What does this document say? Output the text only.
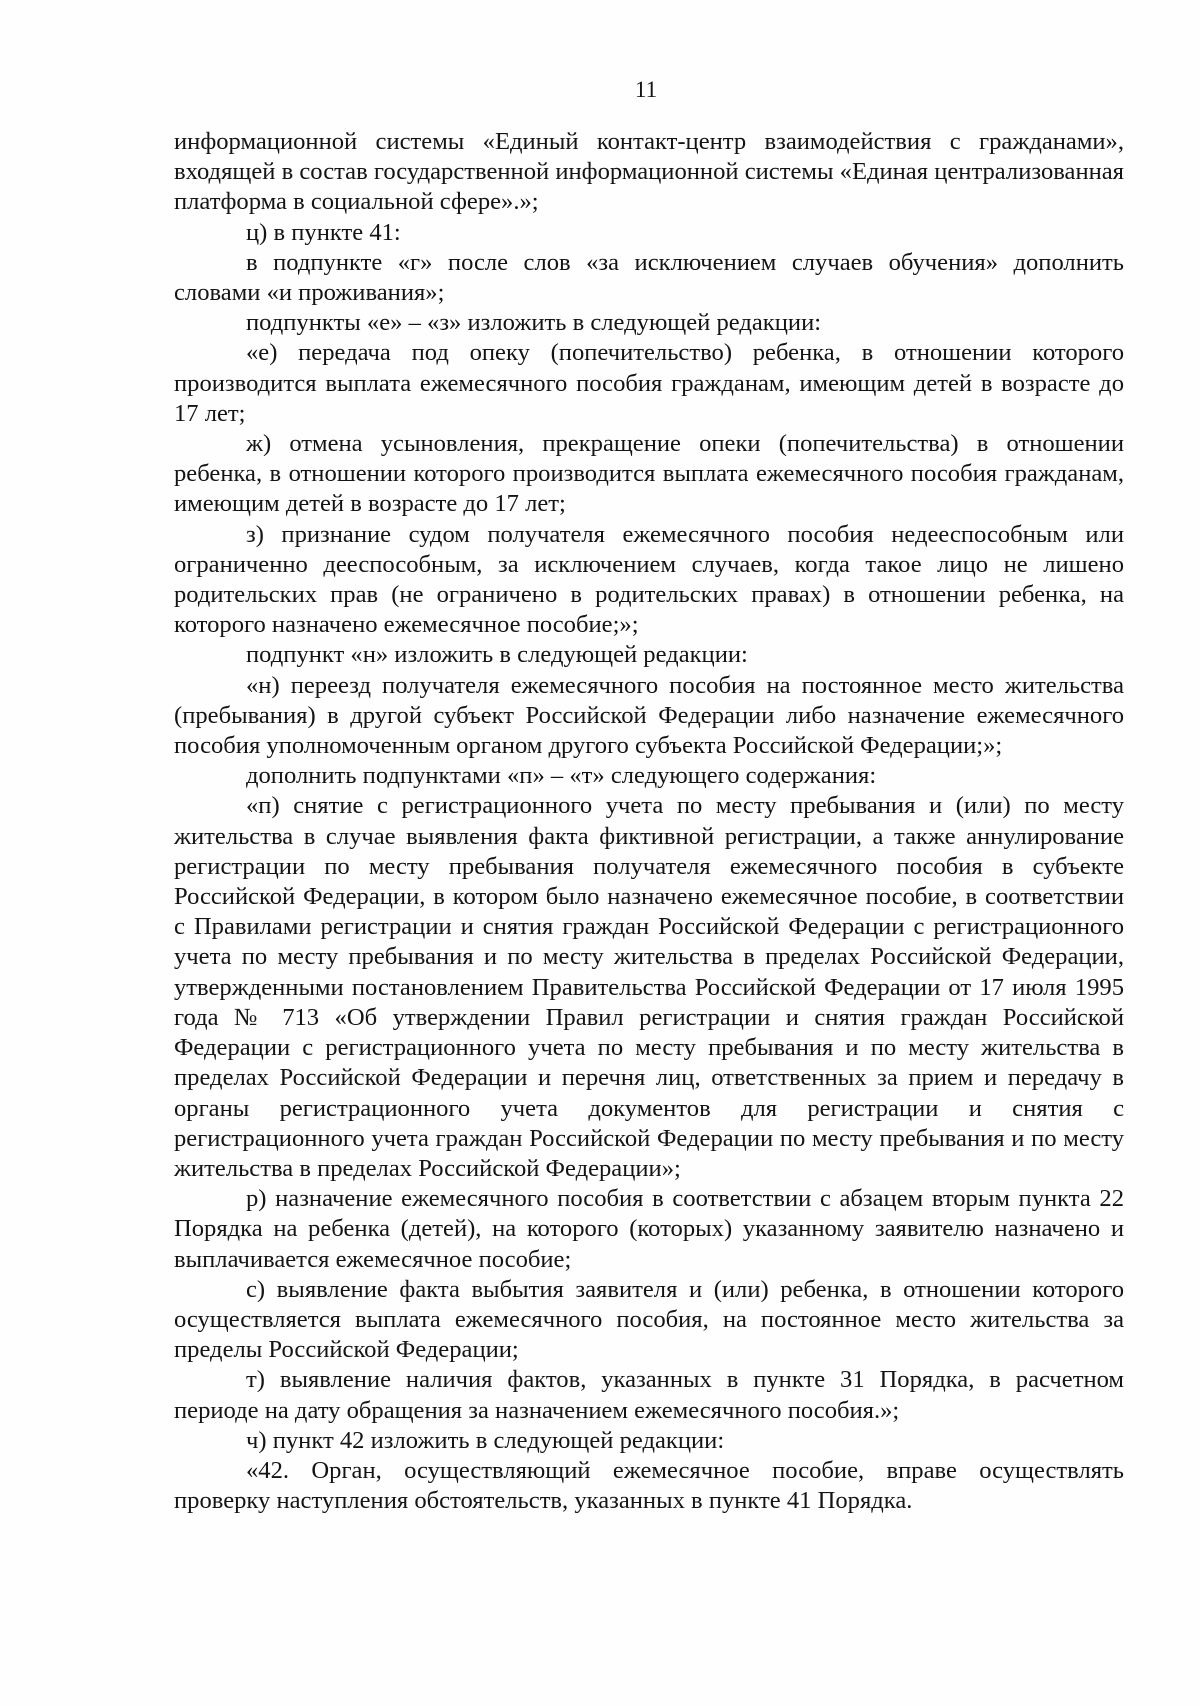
11

информационной системы «Единый контакт-центр взаимодействия с гражданами», входящей в состав государственной информационной системы «Единая централизованная платформа в социальной сфере».»;

ц) в пункте 41:

в подпункте «г» после слов «за исключением случаев обучения» дополнить словами «и проживания»;

подпункты «е» – «з» изложить в следующей редакции:

«е) передача под опеку (попечительство) ребенка, в отношении которого производится выплата ежемесячного пособия гражданам, имеющим детей в возрасте до 17 лет;

ж) отмена усыновления, прекращение опеки (попечительства) в отношении ребенка, в отношении которого производится выплата ежемесячного пособия гражданам, имеющим детей в возрасте до 17 лет;

з) признание судом получателя ежемесячного пособия недееспособным или ограниченно дееспособным, за исключением случаев, когда такое лицо не лишено родительских прав (не ограничено в родительских правах) в отношении ребенка, на которого назначено ежемесячное пособие;»;

подпункт «н» изложить в следующей редакции:

«н) переезд получателя ежемесячного пособия на постоянное место жительства (пребывания) в другой субъект Российской Федерации либо назначение ежемесячного пособия уполномоченным органом другого субъекта Российской Федерации;»;

дополнить подпунктами «п» – «т» следующего содержания:

«п) снятие с регистрационного учета по месту пребывания и (или) по месту жительства в случае выявления факта фиктивной регистрации, а также аннулирование регистрации по месту пребывания получателя ежемесячного пособия в субъекте Российской Федерации, в котором было назначено ежемесячное пособие, в соответствии с Правилами регистрации и снятия граждан Российской Федерации с регистрационного учета по месту пребывания и по месту жительства в пределах Российской Федерации, утвержденными постановлением Правительства Российской Федерации от 17 июля 1995 года № 713 «Об утверждении Правил регистрации и снятия граждан Российской Федерации с регистрационного учета по месту пребывания и по месту жительства в пределах Российской Федерации и перечня лиц, ответственных за прием и передачу в органы регистрационного учета документов для регистрации и снятия с регистрационного учета граждан Российской Федерации по месту пребывания и по месту жительства в пределах Российской Федерации»;

р) назначение ежемесячного пособия в соответствии с абзацем вторым пункта 22 Порядка на ребенка (детей), на которого (которых) указанному заявителю назначено и выплачивается ежемесячное пособие;

с) выявление факта выбытия заявителя и (или) ребенка, в отношении которого осуществляется выплата ежемесячного пособия, на постоянное место жительства за пределы Российской Федерации;

т) выявление наличия фактов, указанных в пункте 31 Порядка, в расчетном периоде на дату обращения за назначением ежемесячного пособия.»;

ч) пункт 42 изложить в следующей редакции:

«42. Орган, осуществляющий ежемесячное пособие, вправе осуществлять проверку наступления обстоятельств, указанных в пункте 41 Порядка.
